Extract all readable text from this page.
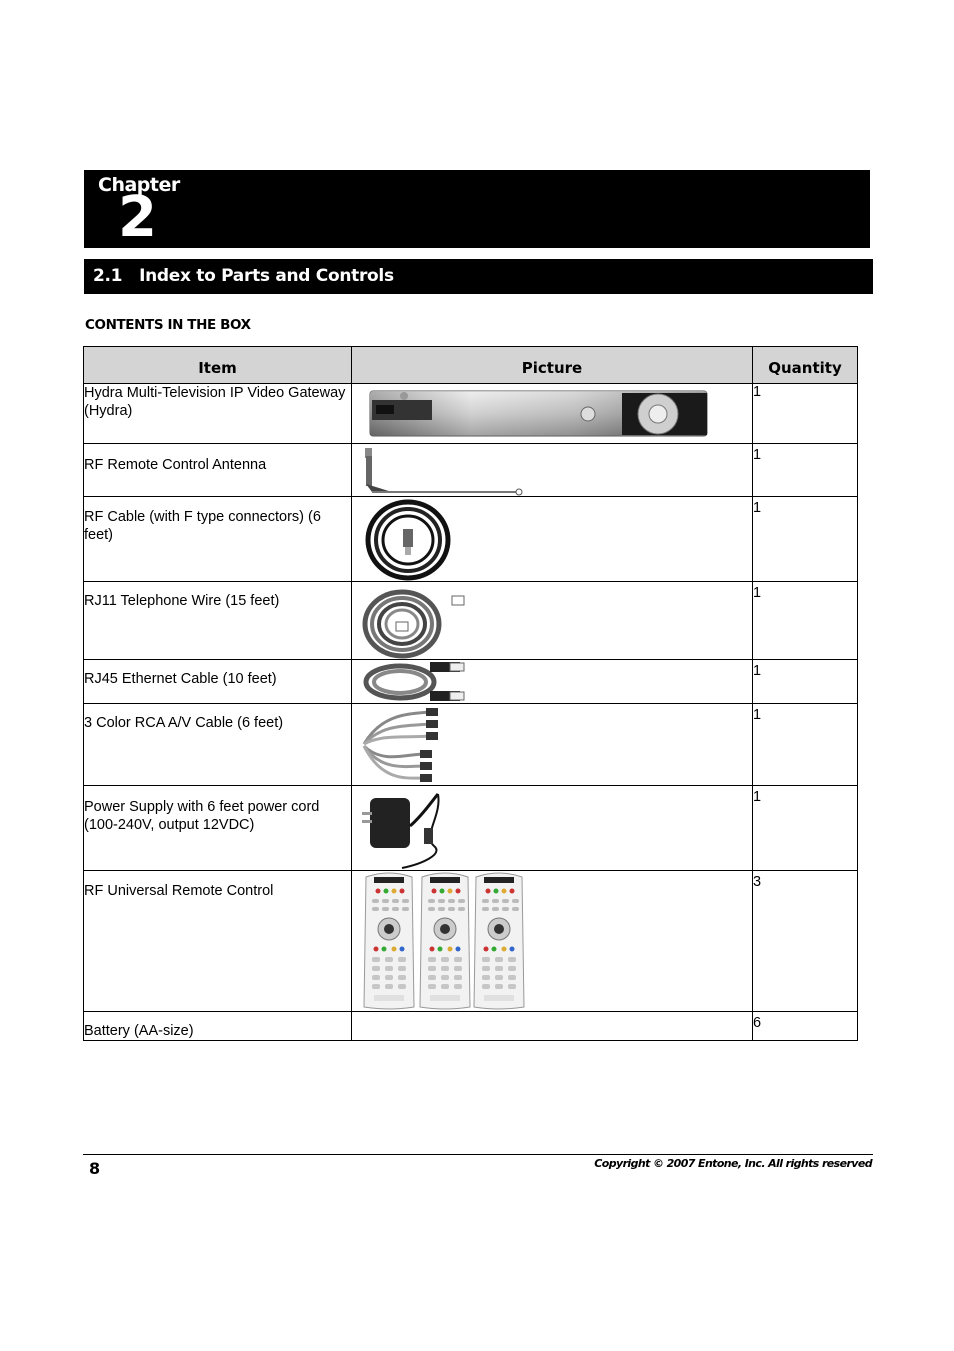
Chapter
2
2.1   Index to Parts and Controls
CONTENTS IN THE BOX
Item	Picture	Quantity
Hydra Multi-Television IP Video Gateway (Hydra)		1
RF Remote Control Antenna		1
RF Cable (with F type connectors) (6 feet)		1
RJ11 Telephone Wire (15 feet)		1
RJ45 Ethernet Cable (10 feet)		1
3 Color RCA A/V Cable (6 feet)		1
Power Supply with 6 feet power cord (100-240V, output 12VDC)		1
RF Universal Remote Control		3
Battery (AA-size)		6
8	Copyright © 2007 Entone, Inc. All rights reserved
